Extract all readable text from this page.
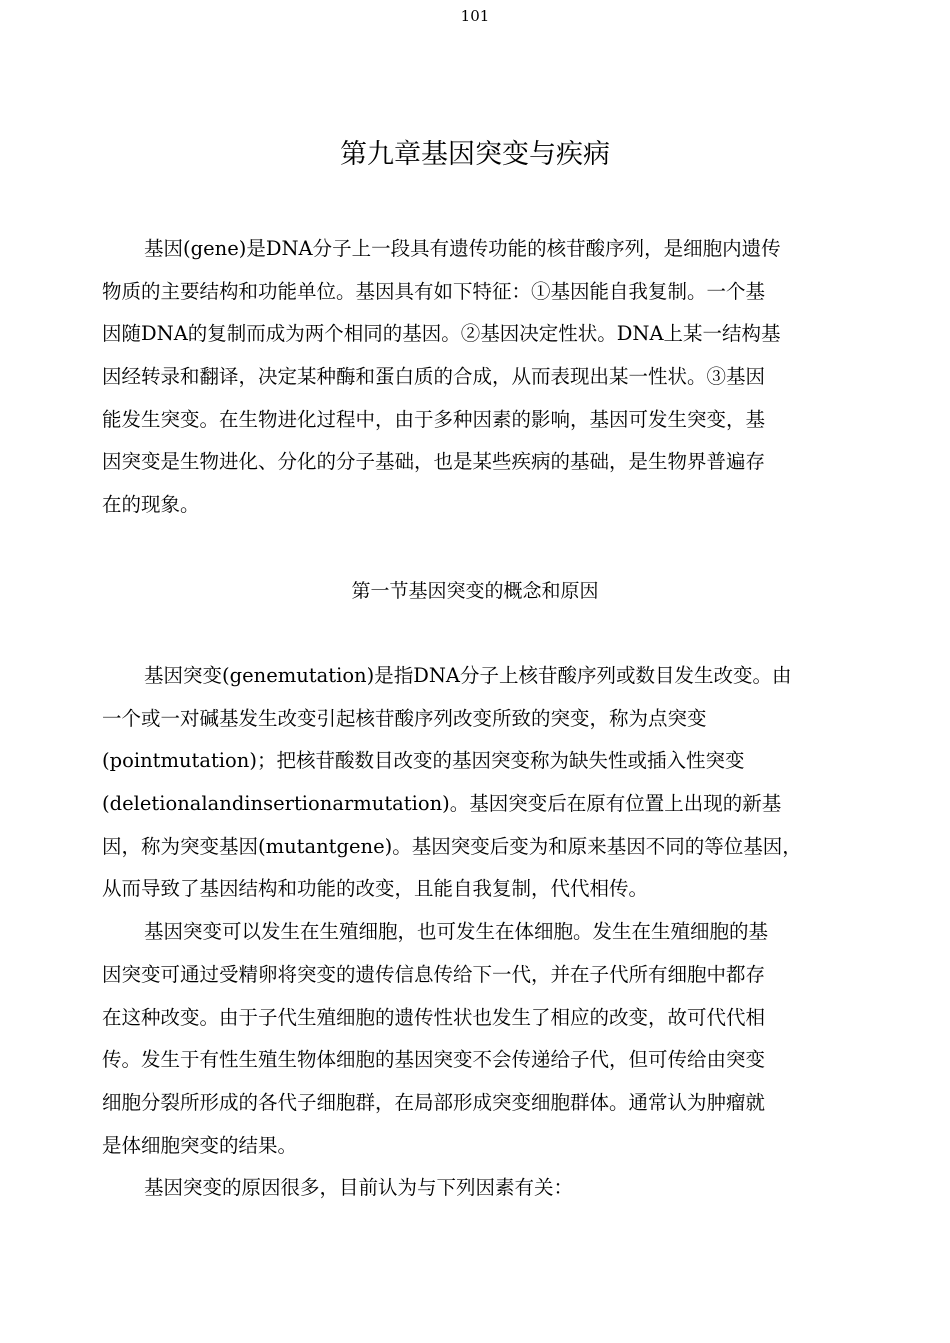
101
第九章基因突变与疾病
基因(gene)是DNA分子上一段具有遗传功能的核苷酸序列，是细胞内遗传
物质的主要结构和功能单位。基因具有如下特征：①基因能自我复制。一个基
因随DNA的复制而成为两个相同的基因。②基因决定性状。DNA上某一结构基
因经转录和翻译，决定某种酶和蛋白质的合成，从而表现出某一性状。③基因
能发生突变。在生物进化过程中，由于多种因素的影响，基因可发生突变，基
因突变是生物进化、分化的分子基础，也是某些疾病的基础，是生物界普遍存
在的现象。
第一节基因突变的概念和原因
基因突变(genemutation)是指DNA分子上核苷酸序列或数目发生改变。由
一个或一对碱基发生改变引起核苷酸序列改变所致的突变，称为点突变
(pointmutation)；把核苷酸数目改变的基因突变称为缺失性或插入性突变
(deletionalandinsertionarmutation)。基因突变后在原有位置上出现的新基
因，称为突变基因(mutantgene)。基因突变后变为和原来基因不同的等位基因，
从而导致了基因结构和功能的改变，且能自我复制，代代相传。
基因突变可以发生在生殖细胞，也可发生在体细胞。发生在生殖细胞的基
因突变可通过受精卵将突变的遗传信息传给下一代，并在子代所有细胞中都存
在这种改变。由于子代生殖细胞的遗传性状也发生了相应的改变，故可代代相
传。发生于有性生殖生物体细胞的基因突变不会传递给子代，但可传给由突变
细胞分裂所形成的各代子细胞群，在局部形成突变细胞群体。通常认为肿瘤就
是体细胞突变的结果。
基因突变的原因很多，目前认为与下列因素有关：
